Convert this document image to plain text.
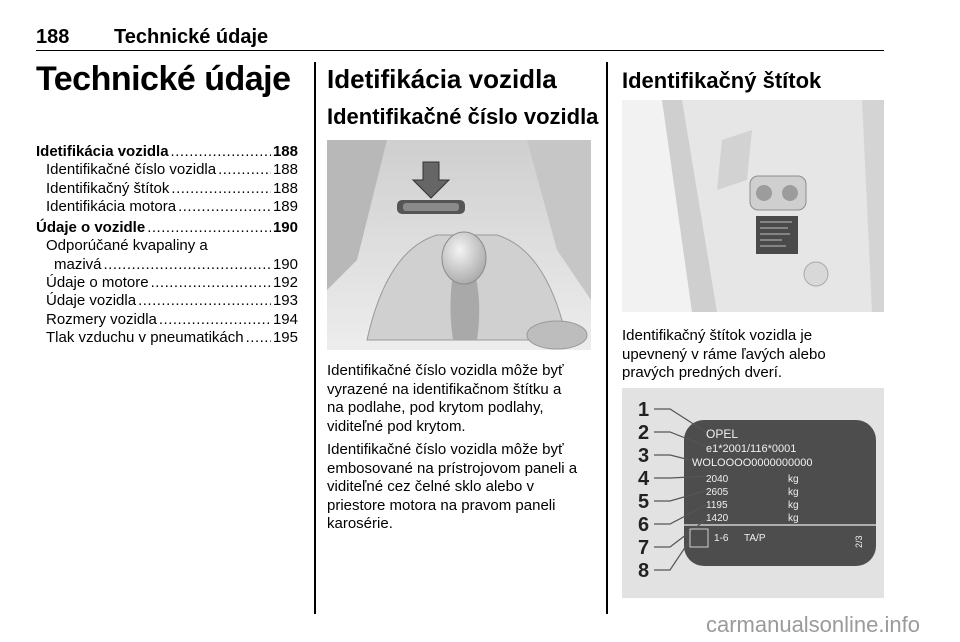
188 Technické údaje
Technické údaje
Idetifikácia vozidla .....	188
Identifikačné číslo vozidla .....	188
Identifikačný štítok .....	188
Identifikácia motora .....	189
Údaje o vozidle .....	190
Odporúčané kvapaliny a
mazivá .....	190
Údaje o motore .....	192
Údaje vozidla .....	193
Rozmery vozidla .....	194
Tlak vzduchu v pneumatikách ..... 195
Idetifikácia vozidla
Identifikačné číslo vozidla
Identifikačné číslo vozidla môže byť
vyrazené na identifikačnom štítku a
na podlahe, pod krytom podlahy,
viditeľné pod krytom.
Identifikačné číslo vozidla môže byť
embosované na prístrojovom paneli a
viditeľné cez čelné sklo alebo v
priestore motora na pravom paneli
karosérie.
Identifikačný štítok
Identifikačný štítok vozidla je
upevnený v ráme ľavých alebo
pravých predných dverí.
1
2
3
4
5
6
7
8
OPEL
e1*2001/116*0001
WOLOOOO0000000000
2040
2605
1195
1420
kg
kg
kg
kg
1-6 TA/P	2/3
carmanualsonline.info
